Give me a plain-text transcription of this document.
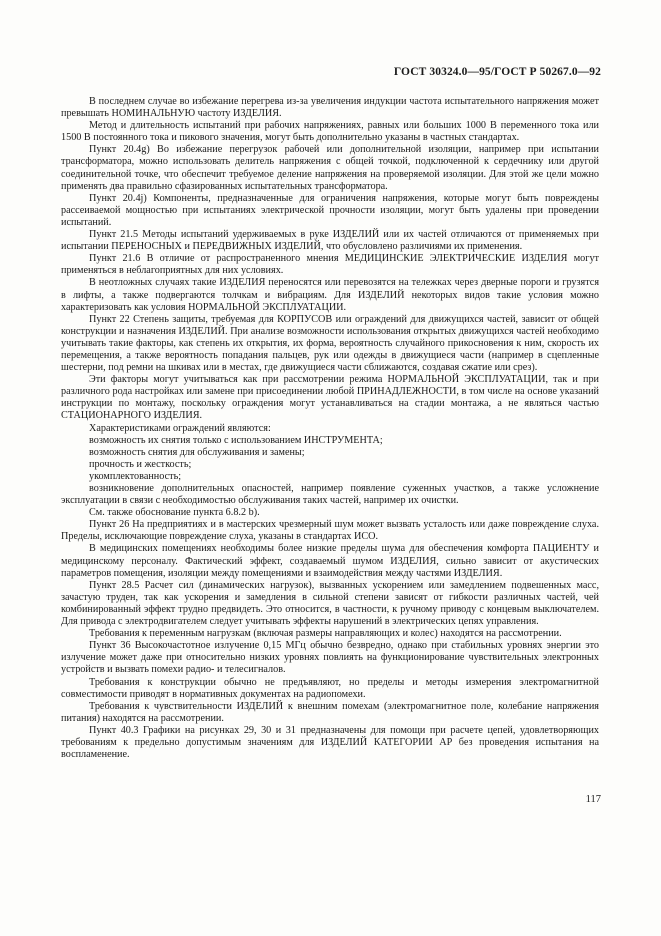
ГОСТ 30324.0—95/ГОСТ Р 50267.0—92

В последнем случае во избежание перегрева из-за увеличения индукции частота испытательного напряжения может превышать НОМИНАЛЬНУЮ частоту ИЗДЕЛИЯ.

Метод и длительность испытаний при рабочих напряжениях, равных или больших 1000 В переменного тока или 1500 В постоянного тока и пикового значения, могут быть дополнительно указаны в частных стандартах.

Пункт 20.4g) Во избежание перегрузок рабочей или дополнительной изоляции, например при испытании трансформатора, можно использовать делитель напряжения с общей точкой, подключенной к сердечнику или другой соединительной точке, что обеспечит требуемое деление напряжения на проверяемой изоляции. Для этой же цели можно применять два правильно сфазированных испытательных трансформатора.

Пункт 20.4j) Компоненты, предназначенные для ограничения напряжения, которые могут быть повреждены рассеиваемой мощностью при испытаниях электрической прочности изоляции, могут быть удалены при проведении испытаний.

Пункт 21.5 Методы испытаний удерживаемых в руке ИЗДЕЛИЙ или их частей отличаются от применяемых при испытании ПЕРЕНОСНЫХ и ПЕРЕДВИЖНЫХ ИЗДЕЛИЙ, что обусловлено различиями их применения.

Пункт 21.6 В отличие от распространенного мнения МЕДИЦИНСКИЕ ЭЛЕКТРИЧЕСКИЕ ИЗДЕЛИЯ могут применяться в неблагоприятных для них условиях.

В неотложных случаях такие ИЗДЕЛИЯ переносятся или перевозятся на тележках через дверные пороги и грузятся в лифты, а также подвергаются толчкам и вибрациям. Для ИЗДЕЛИЙ некоторых видов такие условия можно характеризовать как условия НОРМАЛЬНОЙ ЭКСПЛУАТАЦИИ.

Пункт 22 Степень защиты, требуемая для КОРПУСОВ или ограждений для движущихся частей, зависит от общей конструкции и назначения ИЗДЕЛИЙ. При анализе возможности использования открытых движущихся частей необходимо учитывать такие факторы, как степень их открытия, их форма, вероятность случайного прикосновения к ним, скорость их перемещения, а также вероятность попадания пальцев, рук или одежды в движущиеся части (например в сцепленные шестерни, под ремни на шкивах или в местах, где движущиеся части сближаются, создавая сжатие или срез).

Эти факторы могут учитываться как при рассмотрении режима НОРМАЛЬНОЙ ЭКСПЛУАТАЦИИ, так и при различного рода настройках или замене при присоединении любой ПРИНАДЛЕЖНОСТИ, в том числе на основе указаний инструкции по монтажу, поскольку ограждения могут устанавливаться на стадии монтажа, а не являться частью СТАЦИОНАРНОГО ИЗДЕЛИЯ.

Характеристиками ограждений являются:

возможность их снятия только с использованием ИНСТРУМЕНТА;

возможность снятия для обслуживания и замены;

прочность и жесткость;

укомплектованность;

возникновение дополнительных опасностей, например появление суженных участков, а также усложнение эксплуатации в связи с необходимостью обслуживания таких частей, например их очистки.

См. также обоснование пункта 6.8.2 b).

Пункт 26 На предприятиях и в мастерских чрезмерный шум может вызвать усталость или даже повреждение слуха. Пределы, исключающие повреждение слуха, указаны в стандартах ИСО.

В медицинских помещениях необходимы более низкие пределы шума для обеспечения комфорта ПАЦИЕНТУ и медицинскому персоналу. Фактический эффект, создаваемый шумом ИЗДЕЛИЯ, сильно зависит от акустических параметров помещения, изоляции между помещениями и взаимодействия между частями ИЗДЕЛИЯ.

Пункт 28.5 Расчет сил (динамических нагрузок), вызванных ускорением или замедлением подвешенных масс, зачастую труден, так как ускорения и замедления в сильной степени зависят от гибкости различных частей, чей комбинированный эффект трудно предвидеть. Это относится, в частности, к ручному приводу с концевым выключателем. Для привода с электродвигателем следует учитывать эффекты нарушений в электрических цепях управления.

Требования к переменным нагрузкам (включая размеры направляющих и колес) находятся на рассмотрении.

Пункт 36 Высокочастотное излучение 0,15 МГц обычно безвредно, однако при стабильных уровнях энергии это излучение может даже при относительно низких уровнях повлиять на функционирование чувствительных электронных устройств и вызвать помехи радио- и телесигналов.

Требования к конструкции обычно не предъявляют, но пределы и методы измерения электромагнитной совместимости приводят в нормативных документах на радиопомехи.

Требования к чувствительности ИЗДЕЛИЙ к внешним помехам (электромагнитное поле, колебание напряжения питания) находятся на рассмотрении.

Пункт 40.3 Графики на рисунках 29, 30 и 31 предназначены для помощи при расчете цепей, удовлетворяющих требованиям к предельно допустимым значениям для ИЗДЕЛИЙ КАТЕГОРИИ АР без проведения испытания на воспламенение.

117
